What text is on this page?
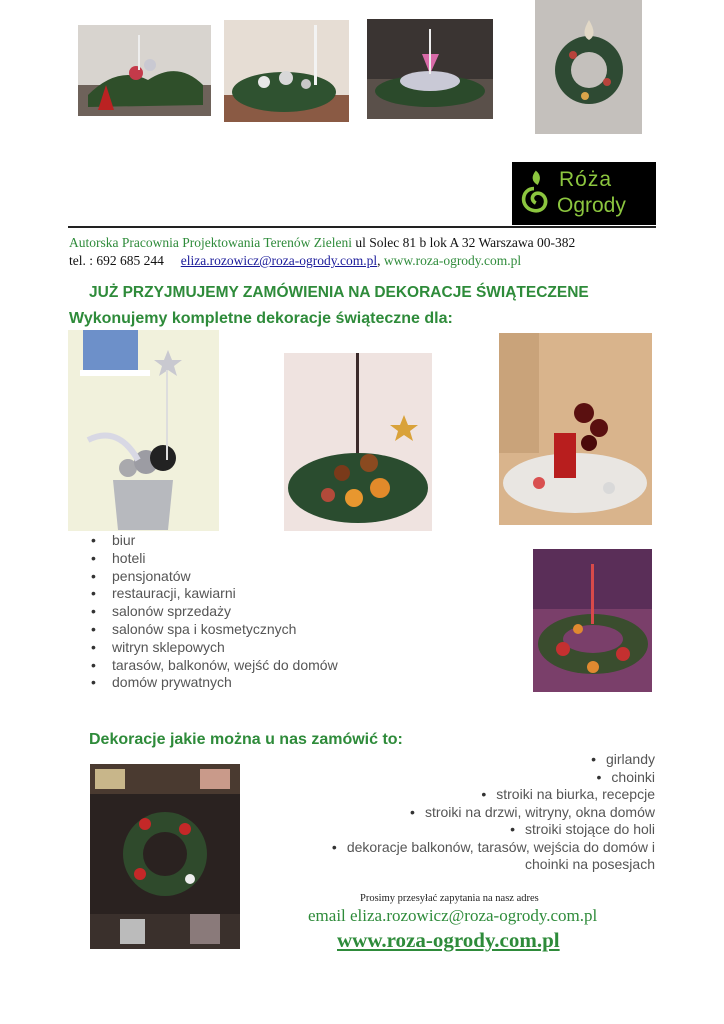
Róża
Ogrody
Autorska Pracownia Projektowania Terenów Zieleni ul Solec 81 b lok A 32 Warszawa 00-382
tel. : 692 685 244 eliza.rozowicz@roza-ogrody.com.pl, www.roza-ogrody.com.pl
JUŻ PRZYJMUJEMY ZAMÓWIENIA NA DEKORACJE ŚWIĄTECZENE
Wykonujemy kompletne dekoracje świąteczne dla:
• biur
• hoteli
• pensjonatów
• restauracji, kawiarni
• salonów sprzedaży
• salonów spa i kosmetycznych
• witryn sklepowych
• tarasów, balkonów, wejść do domów
• domów prywatnych
Dekoracje jakie można u nas zamówić to:
• girlandy
• choinki
• stroiki na biurka, recepcje
• stroiki na drzwi, witryny, okna domów
• stroiki stojące do holi
• dekoracje balkonów, tarasów, wejścia do domów i choinki na posesjach
Prosimy przesyłać zapytania na nasz adres
email eliza.rozowicz@roza-ogrody.com.pl
www.roza-ogrody.com.pl
